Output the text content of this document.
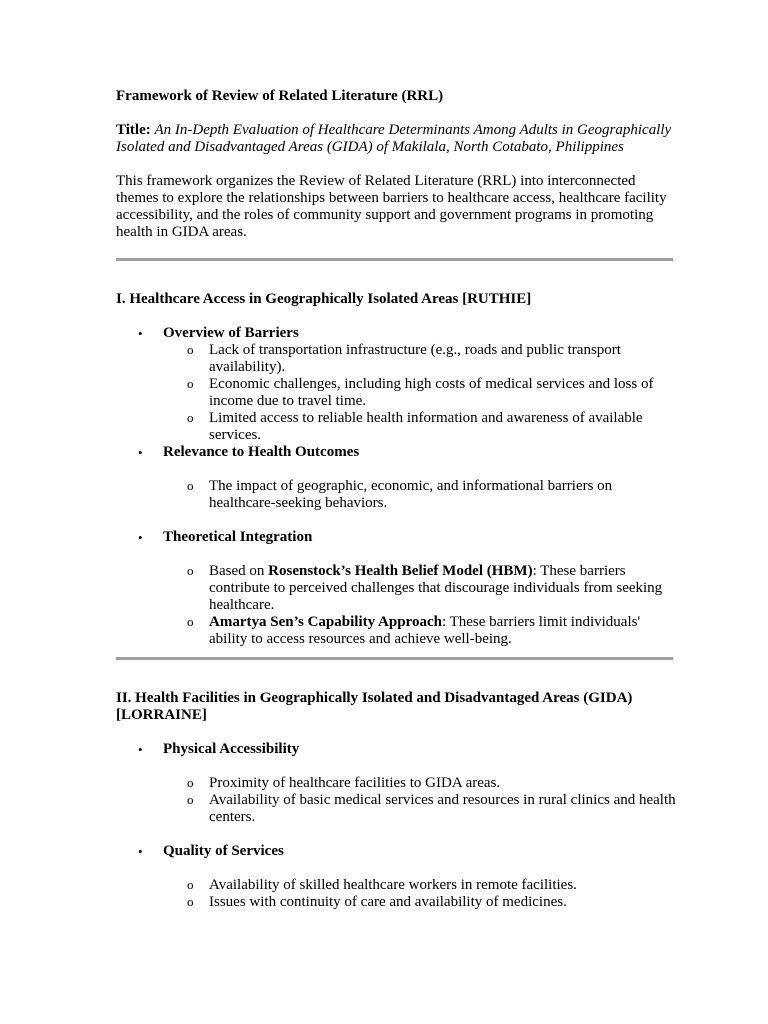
Framework of Review of Related Literature (RRL)

Title: An In-Depth Evaluation of Healthcare Determinants Among Adults in Geographically Isolated and Disadvantaged Areas (GIDA) of Makilala, North Cotabato, Philippines

This framework organizes the Review of Related Literature (RRL) into interconnected themes to explore the relationships between barriers to healthcare access, healthcare facility accessibility, and the roles of community support and government programs in promoting health in GIDA areas.

I. Healthcare Access in Geographically Isolated Areas [RUTHIE]
• Overview of Barriers
o Lack of transportation infrastructure (e.g., roads and public transport availability).
o Economic challenges, including high costs of medical services and loss of income due to travel time.
o Limited access to reliable health information and awareness of available services.
• Relevance to Health Outcomes
o The impact of geographic, economic, and informational barriers on healthcare-seeking behaviors.
• Theoretical Integration
o Based on Rosenstock’s Health Belief Model (HBM): These barriers contribute to perceived challenges that discourage individuals from seeking healthcare.
o Amartya Sen’s Capability Approach: These barriers limit individuals' ability to access resources and achieve well-being.
II. Health Facilities in Geographically Isolated and Disadvantaged Areas (GIDA) [LORRAINE]
• Physical Accessibility
o Proximity of healthcare facilities to GIDA areas.
o Availability of basic medical services and resources in rural clinics and health centers.
• Quality of Services
o Availability of skilled healthcare workers in remote facilities.
o Issues with continuity of care and availability of medicines.
